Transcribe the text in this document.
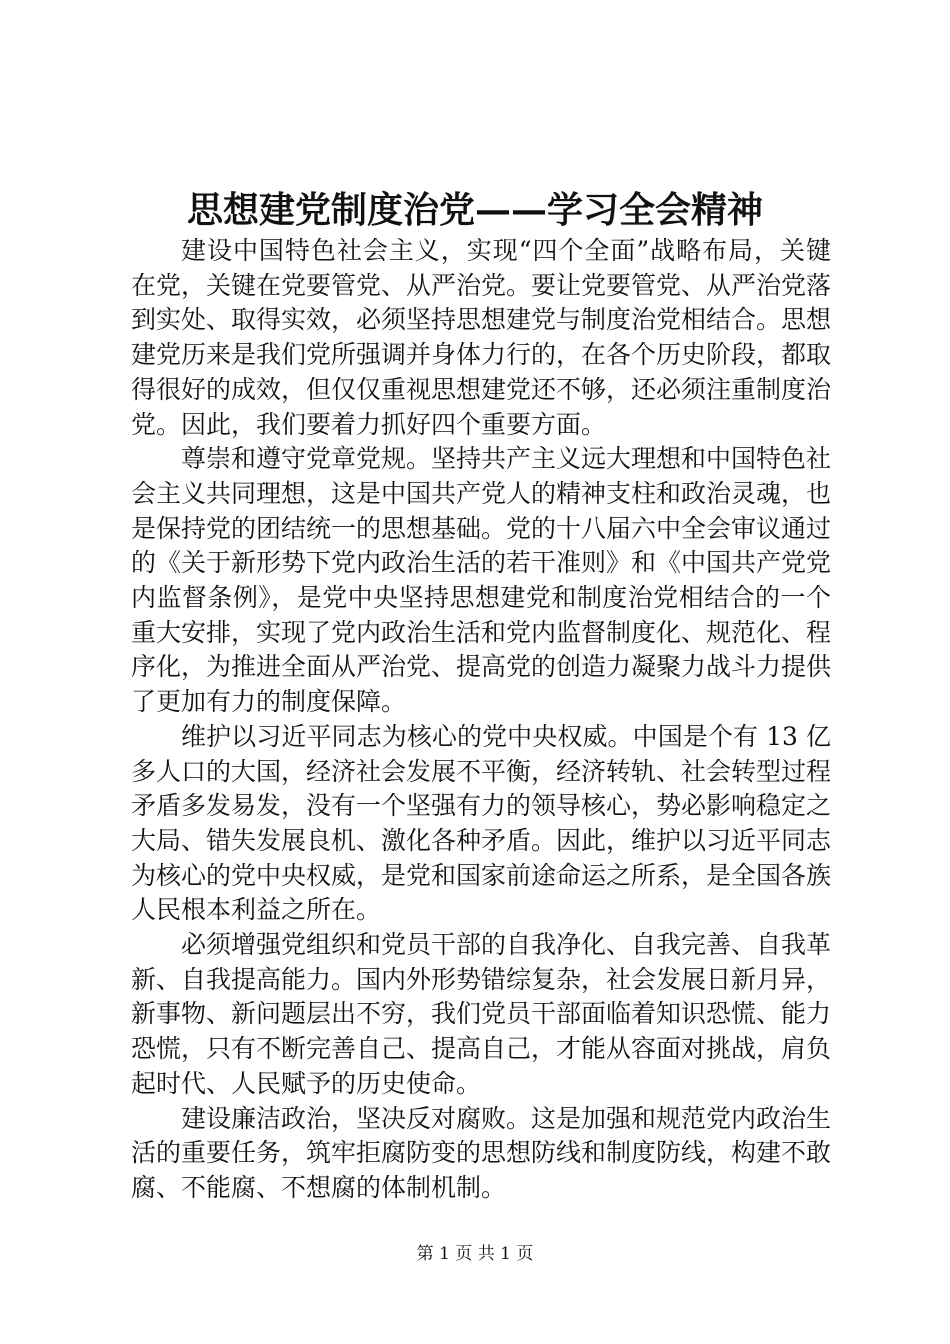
思想建党制度治党——学习全会精神

建设中国特色社会主义，实现“四个全面”战略布局，关键在党，关键在党要管党、从严治党。要让党要管党、从严治党落到实处、取得实效，必须坚持思想建党与制度治党相结合。思想建党历来是我们党所强调并身体力行的，在各个历史阶段，都取得很好的成效，但仅仅重视思想建党还不够，还必须注重制度治党。因此，我们要着力抓好四个重要方面。

尊崇和遵守党章党规。坚持共产主义远大理想和中国特色社会主义共同理想，这是中国共产党人的精神支柱和政治灵魂，也是保持党的团结统一的思想基础。党的十八届六中全会审议通过的《关于新形势下党内政治生活的若干准则》和《中国共产党党内监督条例》，是党中央坚持思想建党和制度治党相结合的一个重大安排，实现了党内政治生活和党内监督制度化、规范化、程序化，为推进全面从严治党、提高党的创造力凝聚力战斗力提供了更加有力的制度保障。

维护以习近平同志为核心的党中央权威。中国是个有 13 亿多人口的大国，经济社会发展不平衡，经济转轨、社会转型过程矛盾多发易发，没有一个坚强有力的领导核心，势必影响稳定之大局、错失发展良机、激化各种矛盾。因此，维护以习近平同志为核心的党中央权威，是党和国家前途命运之所系，是全国各族人民根本利益之所在。

必须增强党组织和党员干部的自我净化、自我完善、自我革新、自我提高能力。国内外形势错综复杂，社会发展日新月异，新事物、新问题层出不穷，我们党员干部面临着知识恐慌、能力恐慌，只有不断完善自己、提高自己，才能从容面对挑战，肩负起时代、人民赋予的历史使命。

建设廉洁政治，坚决反对腐败。这是加强和规范党内政治生活的重要任务，筑牢拒腐防变的思想防线和制度防线，构建不敢腐、不能腐、不想腐的体制机制。

第 1 页 共 1 页
